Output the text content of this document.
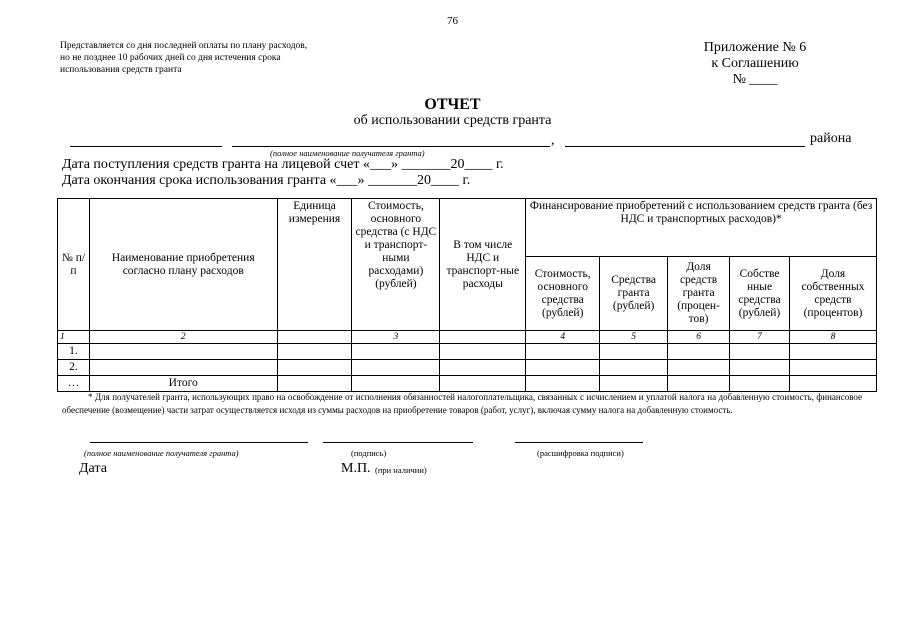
76
Представляется со дня последней оплаты по плану расходов,
но не позднее 10 рабочих дней со дня истечения срока
использования средств гранта
Приложение № 6
к Соглашению
№ ____
ОТЧЕТ
об использовании средств гранта
,	района
(полное наименование получателя гранта)
Дата поступления средств гранта на лицевой счет «___» _______20____ г.
Дата окончания срока использования гранта «___» _______20____ г.
№ п/п	Наименование приобретения согласно плану расходов	Единица измерения	Стоимость, основного средства (с НДС и транспорт-ными расходами) (рублей)	В том числе НДС и транспорт-ные расходы	Финансирование приобретений с использованием средств гранта (без НДС и транспортных расходов)*				
					Стоимость, основного средства (рублей)	Средства гранта (рублей)	Доля средств гранта (процен-тов)	Собстве нные средства (рублей)	Доля собственных средств (процентов)
1	2		3		4	5	6	7	8
1.									
2.									
…	Итого								
* Для получателей гранта, использующих право на освобождение от исполнения обязанностей налогоплательщика, связанных с исчислением и уплатой налога на добавленную стоимость, финансовое обеспечение (возмещение) части затрат осуществляется исходя из суммы расходов на приобретение товаров (работ, услуг), включая сумму налога на добавленную стоимость.
(полное наименование получателя гранта)	(подпись)	(расшифровка подписи)
Дата	М.П. (при наличии)
